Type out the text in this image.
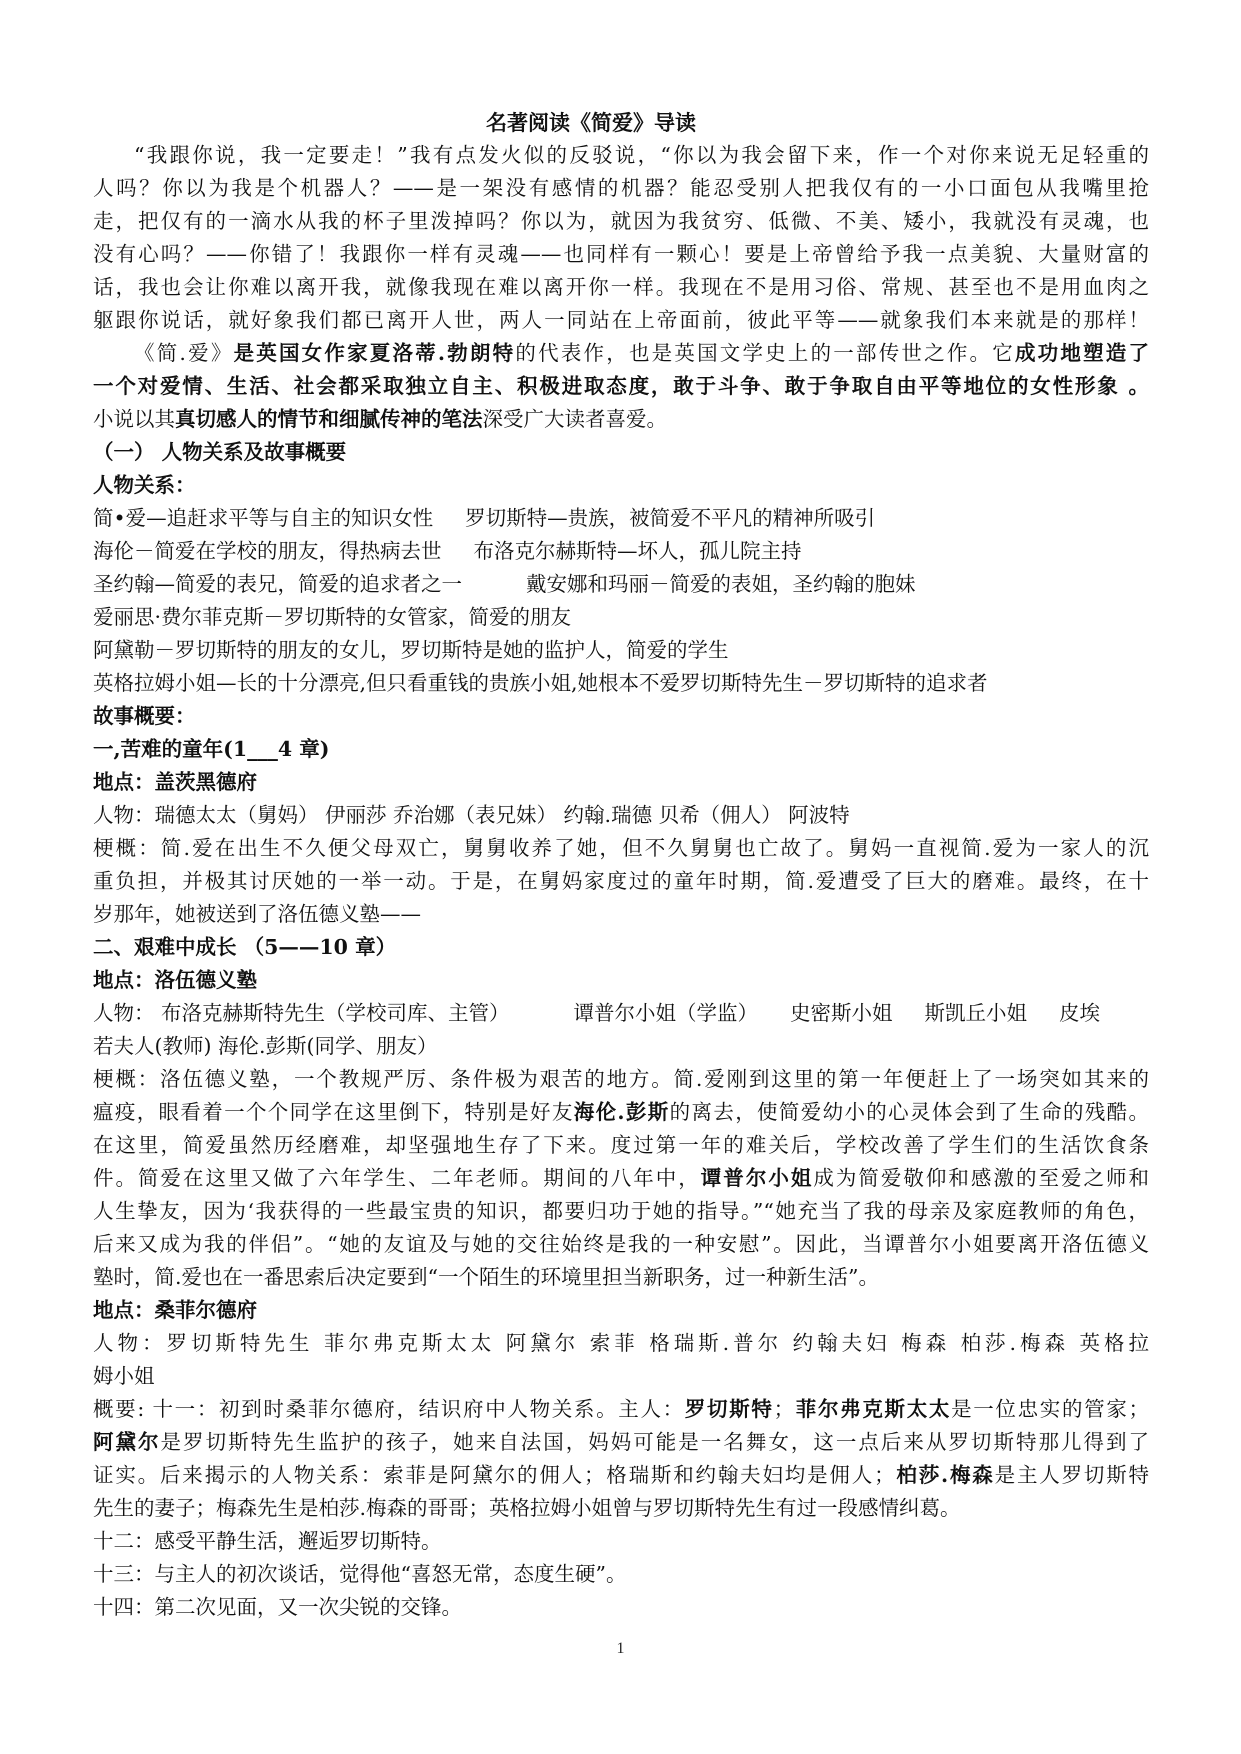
名著阅读《简爱》导读
“我跟你说，我一定要走！”我有点发火似的反驳说，“你以为我会留下来，作一个对你来说无足轻重的
人吗？你以为我是个机器人？——是一架没有感情的机器？能忍受别人把我仅有的一小口面包从我嘴里抢
走，把仅有的一滴水从我的杯子里泼掉吗？你以为，就因为我贫穷、低微、不美、矮小，我就没有灵魂，也
没有心吗？——你错了！我跟你一样有灵魂——也同样有一颗心！要是上帝曾给予我一点美貌、大量财富的
话，我也会让你难以离开我，就像我现在难以离开你一样。我现在不是用习俗、常规、甚至也不是用血肉之
躯跟你说话，就好象我们都已离开人世，两人一同站在上帝面前，彼此平等——就象我们本来就是的那样！
《简.爱》是英国女作家夏洛蒂.勃朗特的代表作，也是英国文学史上的一部传世之作。它成功地塑造了
一个对爱情、生活、社会都采取独立自主、积极进取态度，敢于斗争、敢于争取自由平等地位的女性形象 。
小说以其真切感人的情节和细腻传神的笔法深受广大读者喜爱。
（一） 人物关系及故事概要
人物关系：
简•爱—追赶求平等与自主的知识女性 罗切斯特—贵族，被简爱不平凡的精神所吸引
海伦－简爱在学校的朋友，得热病去世 布洛克尔赫斯特—坏人，孤儿院主持
圣约翰—简爱的表兄，简爱的追求者之一	戴安娜和玛丽－简爱的表姐，圣约翰的胞妹
爱丽思·费尔菲克斯－罗切斯特的女管家，简爱的朋友
阿黛勒－罗切斯特的朋友的女儿，罗切斯特是她的监护人，简爱的学生
英格拉姆小姐—长的十分漂亮,但只看重钱的贵族小姐,她根本不爱罗切斯特先生－罗切斯特的追求者
故事概要：
一,苦难的童年(1___4 章)
地点：盖茨黑德府
人物：瑞德太太（舅妈） 伊丽莎 乔治娜（表兄妹） 约翰.瑞德 贝希（佣人） 阿波特
梗概：简.爱在出生不久便父母双亡，舅舅收养了她，但不久舅舅也亡故了。舅妈一直视简.爱为一家人的沉
重负担，并极其讨厌她的一举一动。于是，在舅妈家度过的童年时期，简.爱遭受了巨大的磨难。最终，在十
岁那年，她被送到了洛伍德义塾——
二、艰难中成长 （5——10 章）
地点：洛伍德义塾
人物： 布洛克赫斯特先生（学校司库、主管）	谭普尔小姐（学监） 史密斯小姐 斯凯丘小姐 皮埃
若夫人(教师) 海伦.彭斯(同学、朋友）
梗概：洛伍德义塾，一个教规严厉、条件极为艰苦的地方。简.爱刚到这里的第一年便赶上了一场突如其来的
瘟疫，眼看着一个个同学在这里倒下，特别是好友海伦.彭斯的离去，使简爱幼小的心灵体会到了生命的残酷。
在这里，简爱虽然历经磨难，却坚强地生存了下来。度过第一年的难关后，学校改善了学生们的生活饮食条
件。简爱在这里又做了六年学生、二年老师。期间的八年中，谭普尔小姐成为简爱敬仰和感激的至爱之师和
人生挚友，因为‘我获得的一些最宝贵的知识，都要归功于她的指导。”“她充当了我的母亲及家庭教师的角色，
后来又成为我的伴侣”。“她的友谊及与她的交往始终是我的一种安慰”。因此，当谭普尔小姐要离开洛伍德义
塾时，简.爱也在一番思索后决定要到“一个陌生的环境里担当新职务，过一种新生活”。
地点：桑菲尔德府
人物：罗切斯特先生 菲尔弗克斯太太 阿黛尔 索菲 格瑞斯.普尔 约翰夫妇 梅森 柏莎.梅森 英格拉
姆小姐
概要: 十一：初到时桑菲尔德府，结识府中人物关系。主人：罗切斯特；菲尔弗克斯太太是一位忠实的管家；
阿黛尔是罗切斯特先生监护的孩子，她来自法国，妈妈可能是一名舞女，这一点后来从罗切斯特那儿得到了
证实。后来揭示的人物关系：索菲是阿黛尔的佣人；格瑞斯和约翰夫妇均是佣人；柏莎.梅森是主人罗切斯特
先生的妻子；梅森先生是柏莎.梅森的哥哥；英格拉姆小姐曾与罗切斯特先生有过一段感情纠葛。
十二：感受平静生活，邂逅罗切斯特。
十三：与主人的初次谈话，觉得他“喜怒无常，态度生硬”。
十四：第二次见面，又一次尖锐的交锋。
1
